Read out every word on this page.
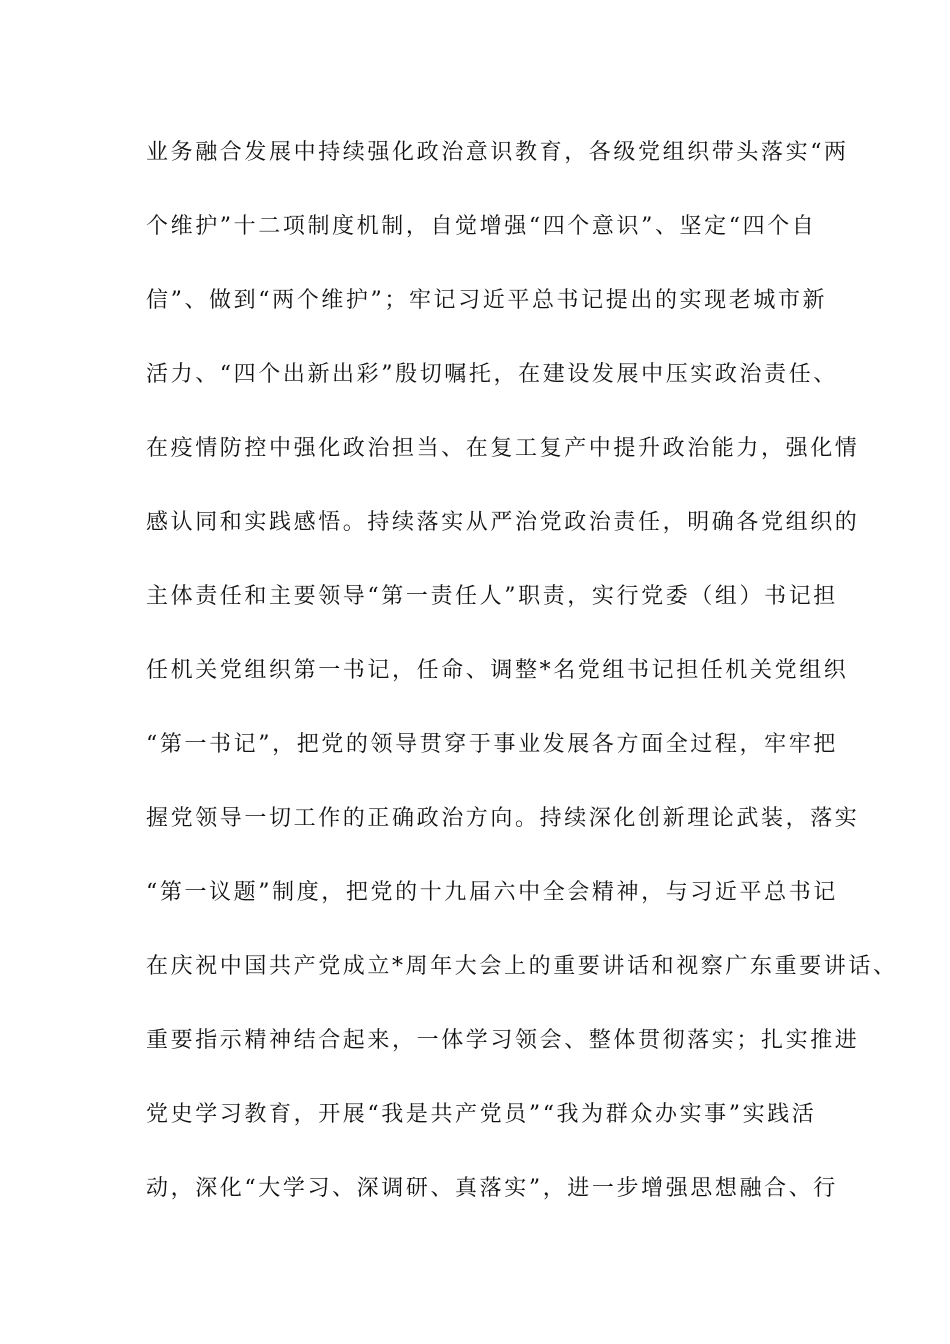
业务融合发展中持续强化政治意识教育，各级党组织带头落实“两
个维护”十二项制度机制，自觉增强“四个意识”、坚定“四个自
信”、做到“两个维护”；牢记习近平总书记提出的实现老城市新
活力、“四个出新出彩”殷切嘱托，在建设发展中压实政治责任、
在疫情防控中强化政治担当、在复工复产中提升政治能力，强化情
感认同和实践感悟。持续落实从严治党政治责任，明确各党组织的
主体责任和主要领导“第一责任人”职责，实行党委（组）书记担
任机关党组织第一书记，任命、调整*名党组书记担任机关党组织
“第一书记”，把党的领导贯穿于事业发展各方面全过程，牢牢把
握党领导一切工作的正确政治方向。持续深化创新理论武装，落实
“第一议题”制度，把党的十九届六中全会精神，与习近平总书记
在庆祝中国共产党成立*周年大会上的重要讲话和视察广东重要讲话、
重要指示精神结合起来，一体学习领会、整体贯彻落实；扎实推进
党史学习教育，开展“我是共产党员”“我为群众办实事”实践活
动，深化“大学习、深调研、真落实”，进一步增强思想融合、行
